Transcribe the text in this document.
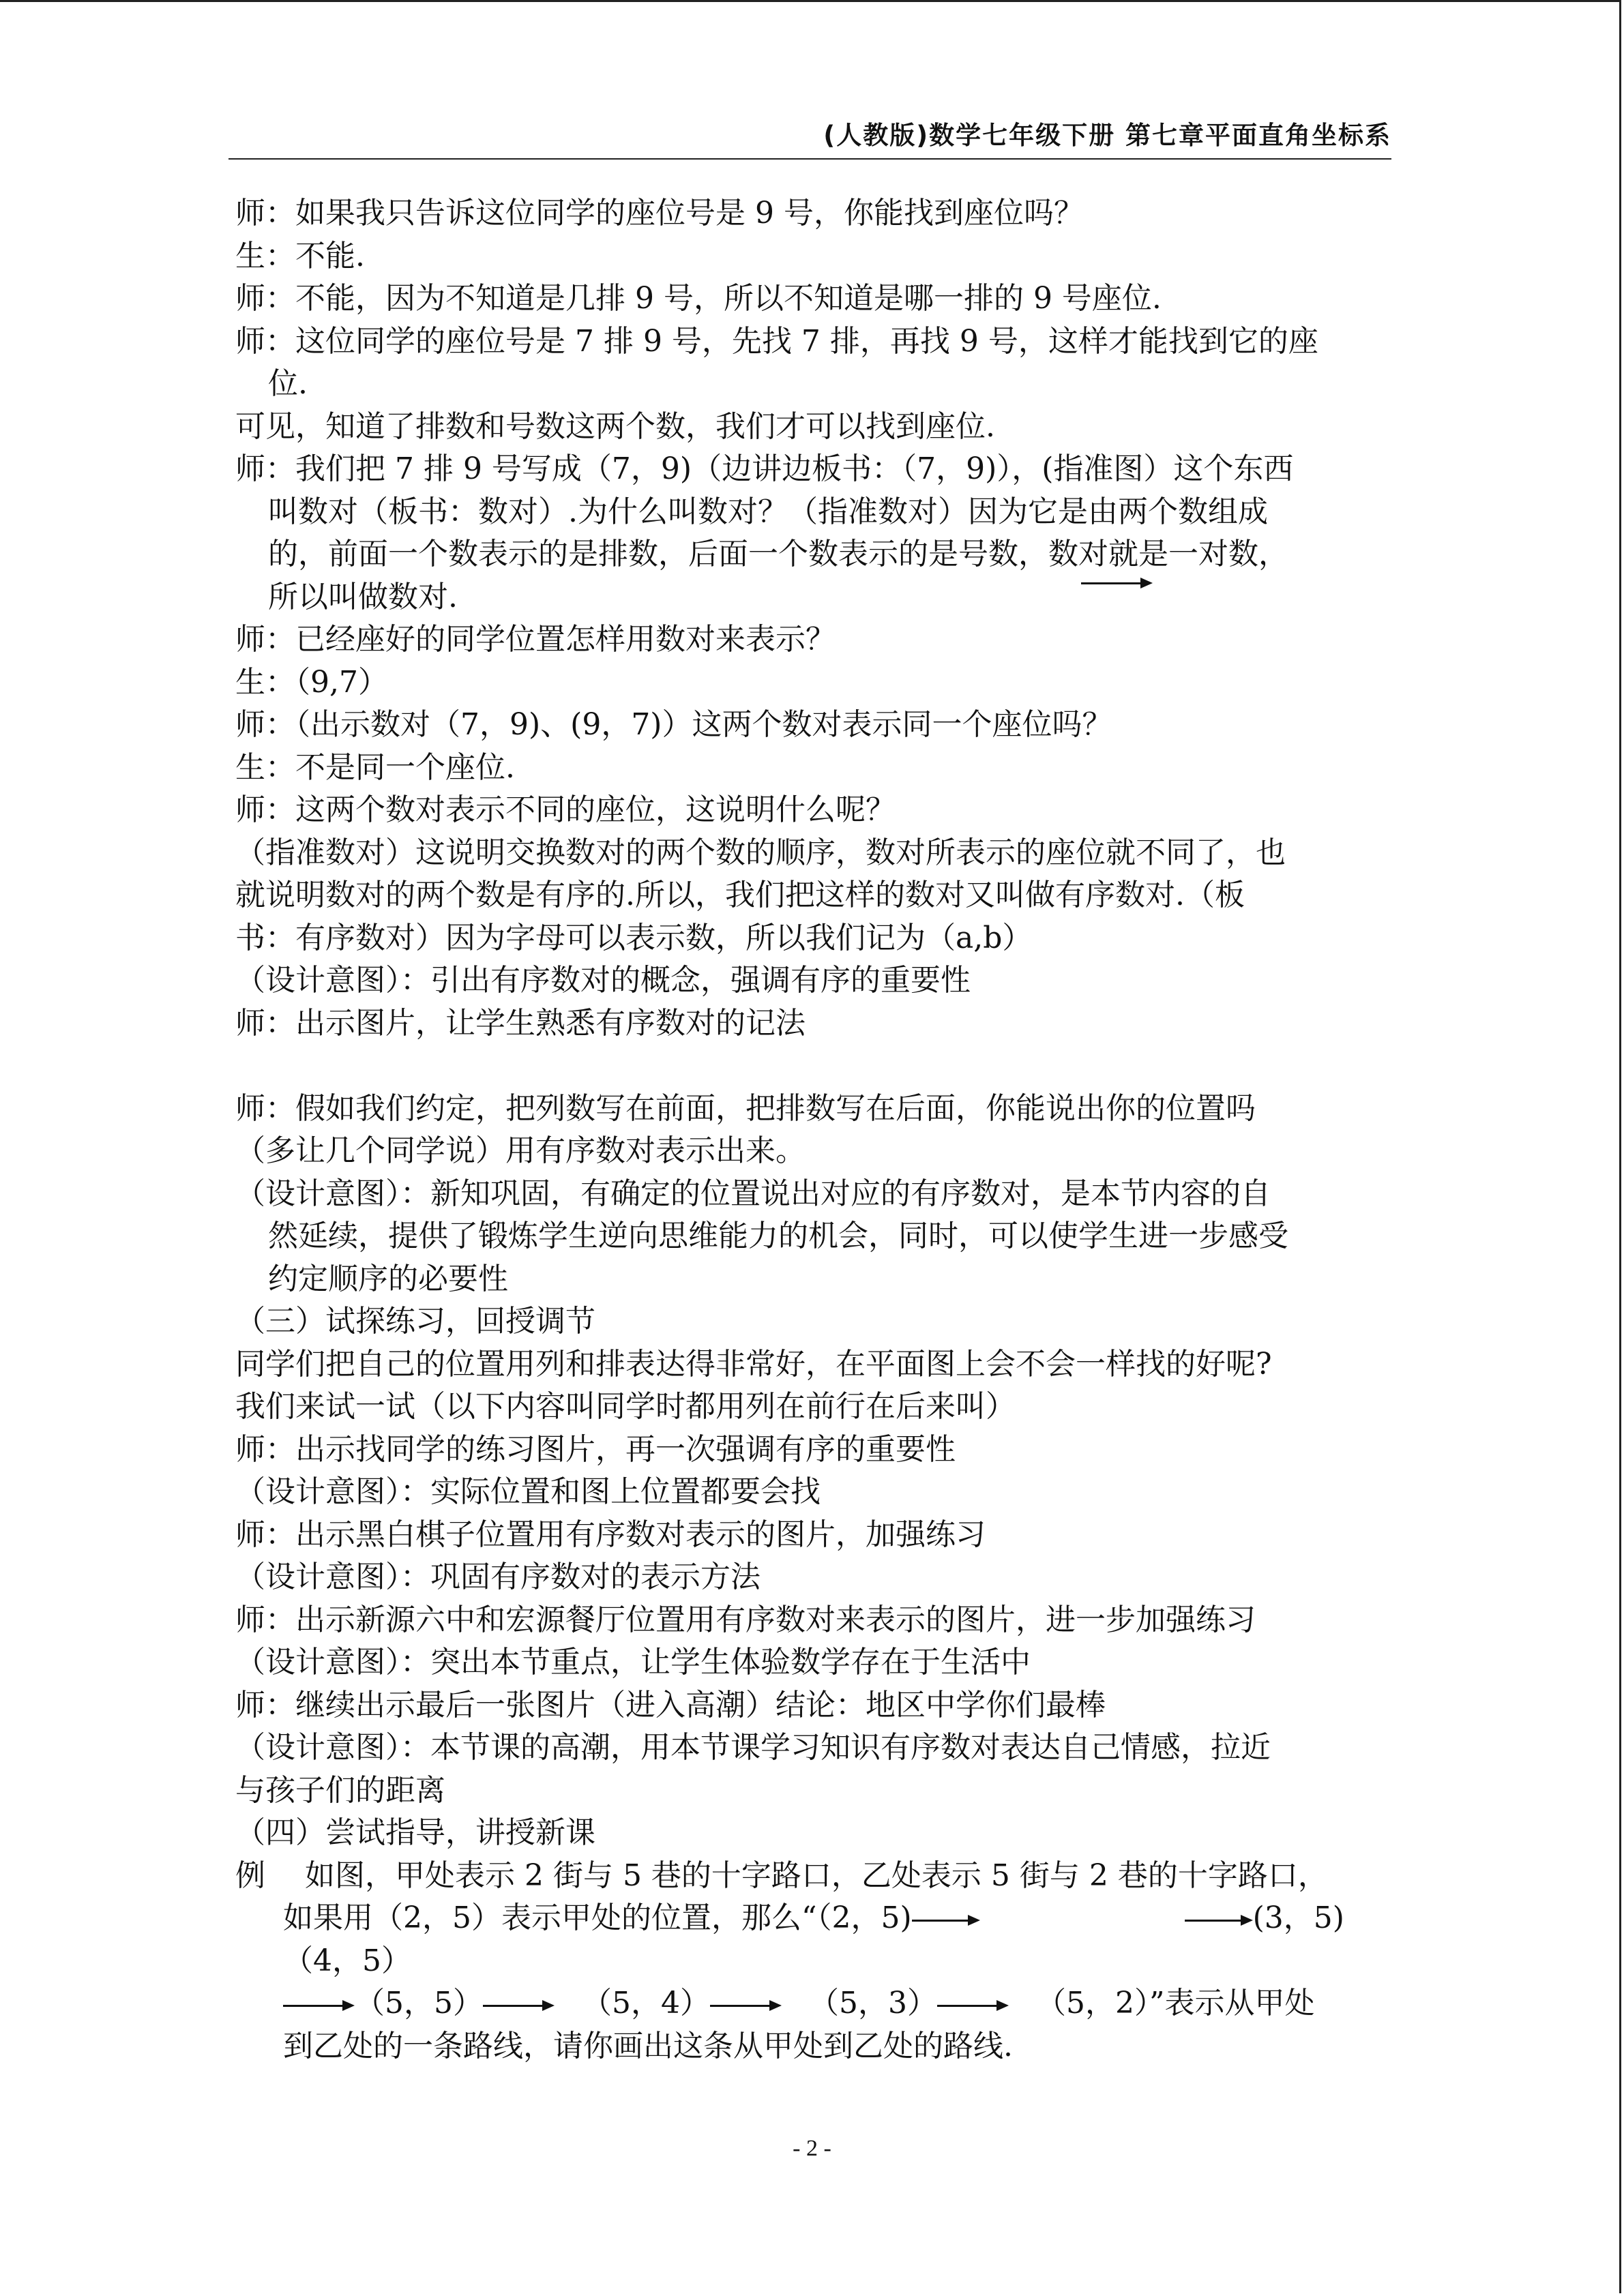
(人教版)数学七年级下册 第七章平面直角坐标系

师：如果我只告诉这位同学的座位号是 9 号，你能找到座位吗？

生：不能.

师：不能，因为不知道是几排 9 号，所以不知道是哪一排的 9 号座位.

师：这位同学的座位号是 7 排 9 号，先找 7 排，再找 9 号，这样才能找到它的座

位.

可见，知道了排数和号数这两个数，我们才可以找到座位.

师：我们把 7 排 9 号写成（7，9)（边讲边板书：（7，9)），(指准图）这个东西

叫数对（板书：数对）.为什么叫数对？（指准数对）因为它是由两个数组成

的，前面一个数表示的是排数，后面一个数表示的是号数，数对就是一对数，

所以叫做数对.

师：已经座好的同学位置怎样用数对来表示？

生：（9,7）

师：（出示数对（7，9)、(9，7)）这两个数对表示同一个座位吗？

生：不是同一个座位.

师：这两个数对表示不同的座位，这说明什么呢？

（指准数对）这说明交换数对的两个数的顺序，数对所表示的座位就不同了，也

就说明数对的两个数是有序的.所以，我们把这样的数对又叫做有序数对.（板

书：有序数对）因为字母可以表示数，所以我们记为（a,b）

（设计意图）：引出有序数对的概念，强调有序的重要性

师：出示图片，让学生熟悉有序数对的记法

师：假如我们约定，把列数写在前面，把排数写在后面，你能说出你的位置吗

（多让几个同学说）用有序数对表示出来。

（设计意图）：新知巩固，有确定的位置说出对应的有序数对，是本节内容的自

然延续，提供了锻炼学生逆向思维能力的机会，同时，可以使学生进一步感受

约定顺序的必要性

（三）试探练习，回授调节

同学们把自己的位置用列和排表达得非常好，在平面图上会不会一样找的好呢?

我们来试一试（以下内容叫同学时都用列在前行在后来叫）

师：出示找同学的练习图片，再一次强调有序的重要性

（设计意图）：实际位置和图上位置都要会找

师：出示黑白棋子位置用有序数对表示的图片，加强练习

（设计意图）：巩固有序数对的表示方法

师：出示新源六中和宏源餐厅位置用有序数对来表示的图片，进一步加强练习

（设计意图）：突出本节重点，让学生体验数学存在于生活中

师：继续出示最后一张图片（进入高潮）结论：地区中学你们最棒

（设计意图）：本节课的高潮，用本节课学习知识有序数对表达自己情感，拉近

与孩子们的距离

（四）尝试指导，讲授新课

例　 如图，甲处表示 2 街与 5 巷的十字路口，乙处表示 5 街与 2 巷的十字路口，

如果用（2，5）表示甲处的位置，那么“（2，5)	(3，5)

（4，5）

（5，5）	（5，4）	（5，3）	（5，2）”表示从甲处

到乙处的一条路线，请你画出这条从甲处到乙处的路线.

- 2 -
